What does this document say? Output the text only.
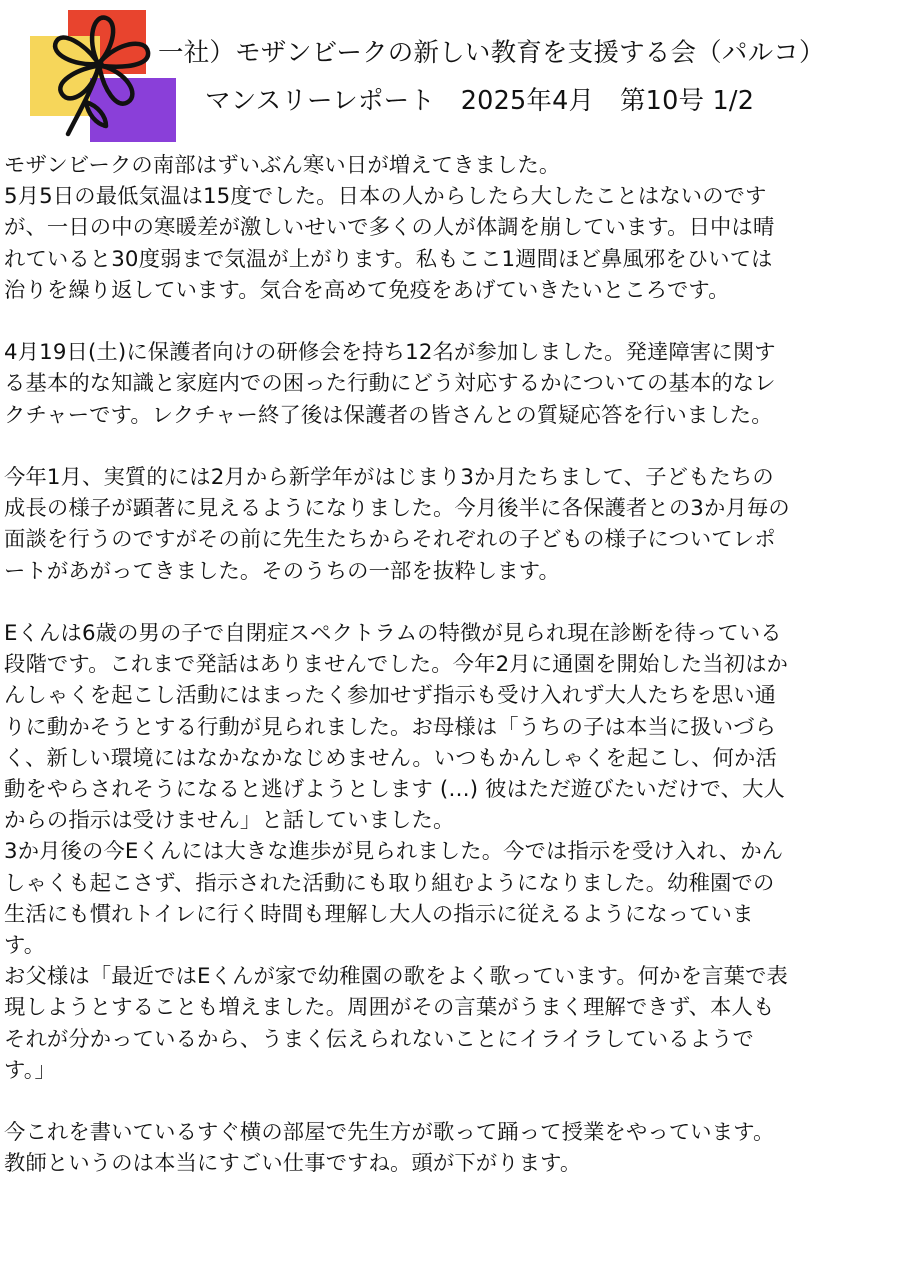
一社）モザンビークの新しい教育を支援する会（パルコ）
マンスリーレポート　2025年4月　第10号 1/2

モザンビークの南部はずいぶん寒い日が増えてきました。
5月5日の最低気温は15度でした。日本の人からしたら大したことはないのです
が、一日の中の寒暖差が激しいせいで多くの人が体調を崩しています。日中は晴
れていると30度弱まで気温が上がります。私もここ1週間ほど鼻風邪をひいては
治りを繰り返しています。気合を高めて免疫をあげていきたいところです。

4月19日(土)に保護者向けの研修会を持ち12名が参加しました。発達障害に関す
る基本的な知識と家庭内での困った行動にどう対応するかについての基本的なレ
クチャーです。レクチャー終了後は保護者の皆さんとの質疑応答を行いました。

今年1月、実質的には2月から新学年がはじまり3か月たちまして、子どもたちの
成長の様子が顕著に見えるようになりました。今月後半に各保護者との3か月毎の
面談を行うのですがその前に先生たちからそれぞれの子どもの様子についてレポ
ートがあがってきました。そのうちの一部を抜粋します。

Eくんは6歳の男の子で自閉症スペクトラムの特徴が見られ現在診断を待っている
段階です。これまで発話はありませんでした。今年2月に通園を開始した当初はか
んしゃくを起こし活動にはまったく参加せず指示も受け入れず大人たちを思い通
りに動かそうとする行動が見られました。お母様は「うちの子は本当に扱いづら
く、新しい環境にはなかなかなじめません。いつもかんしゃくを起こし、何か活
動をやらされそうになると逃げようとします (…) 彼はただ遊びたいだけで、大人
からの指示は受けません」と話していました。
3か月後の今Eくんには大きな進歩が見られました。今では指示を受け入れ、かん
しゃくも起こさず、指示された活動にも取り組むようになりました。幼稚園での
生活にも慣れトイレに行く時間も理解し大人の指示に従えるようになっていま
す。
お父様は「最近ではEくんが家で幼稚園の歌をよく歌っています。何かを言葉で表
現しようとすることも増えました。周囲がその言葉がうまく理解できず、本人も
それが分かっているから、うまく伝えられないことにイライラしているようで
す。」

今これを書いているすぐ横の部屋で先生方が歌って踊って授業をやっています。
教師というのは本当にすごい仕事ですね。頭が下がります。
